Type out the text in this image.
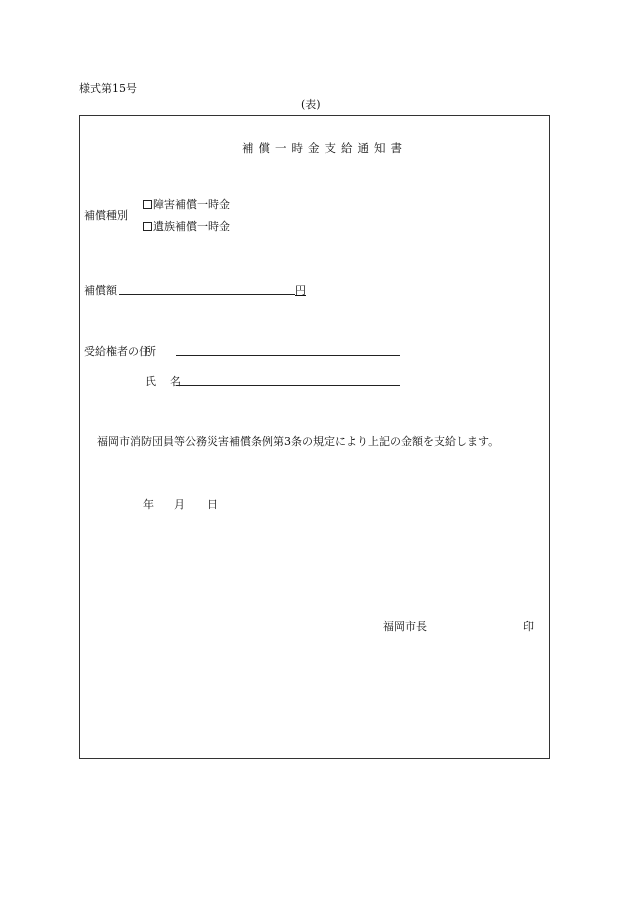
様式第15号
(表)
補償一時金支給通知書
補償種別
障害補償一時金
遺族補償一時金
補償額	円
受給権者の住
所
氏名
福岡市消防団員等公務災害補償条例第3条の規定により上記の金額を支給します。
年 月 日
福岡市長	印
